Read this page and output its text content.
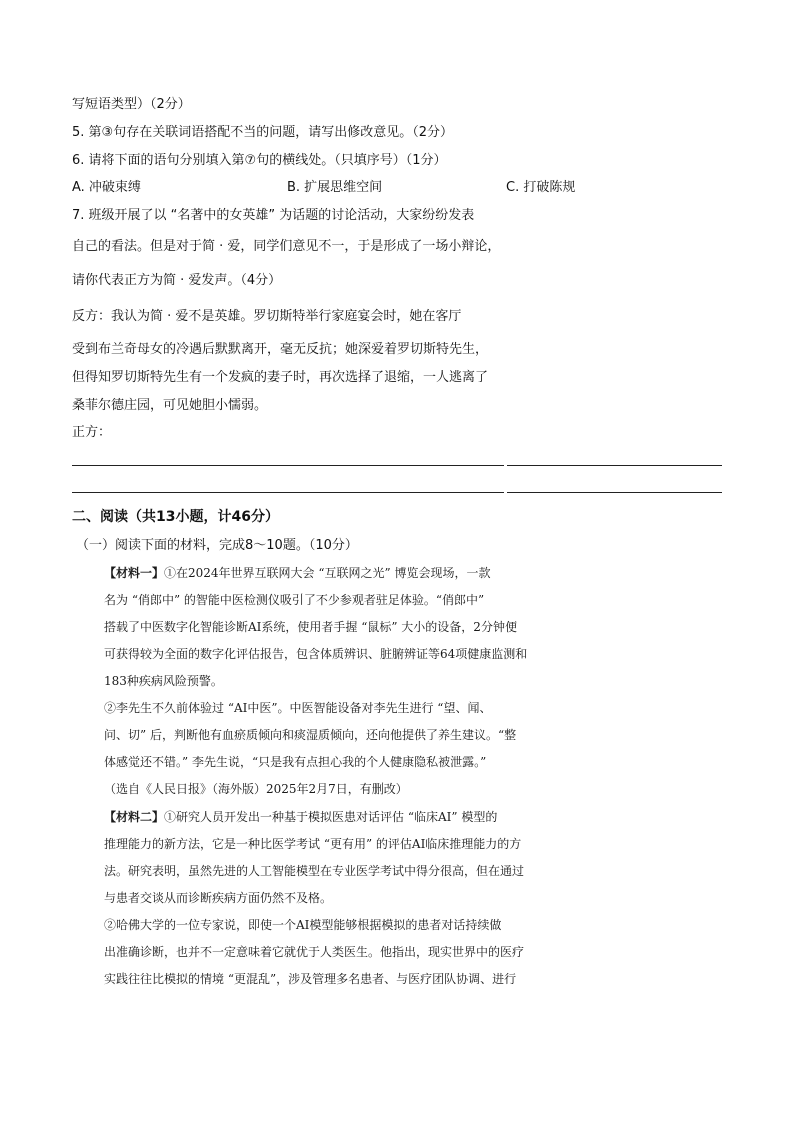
写短语类型）（2分）
5. 第③句存在关联词语搭配不当的问题，请写出修改意见。（2分）
6. 请将下面的语句分别填入第⑦句的横线处。（只填序号）（1分）
A. 冲破束缚	B. 扩展思维空间	C. 打破陈规
7. 班级开展了以 “名著中的女英雄” 为话题的讨论活动，大家纷纷发表
自己的看法。但是对于简 · 爱，同学们意见不一，于是形成了一场小辩论，
请你代表正方为简 · 爱发声。（4分）
反方：我认为简 · 爱不是英雄。罗切斯特举行家庭宴会时，她在客厅
受到布兰奇母女的冷遇后默默离开，毫无反抗；她深爱着罗切斯特先生，
但得知罗切斯特先生有一个发疯的妻子时，再次选择了退缩，一人逃离了
桑菲尔德庄园，可见她胆小懦弱。
正方：
二、阅读（共13小题，计46分）
（一）阅读下面的材料，完成8～10题。（10分）
【材料一】①在2024年世界互联网大会 “互联网之光” 博览会现场，一款
名为 “俏郎中” 的智能中医检测仪吸引了不少参观者驻足体验。“俏郎中”
搭载了中医数字化智能诊断AI系统，使用者手握 “鼠标” 大小的设备，2分钟便
可获得较为全面的数字化评估报告，包含体质辨识、脏腑辨证等64项健康监测和
183种疾病风险预警。
②李先生不久前体验过 “AI中医”。中医智能设备对李先生进行 “望、闻、
问、切” 后，判断他有血瘀质倾向和痰湿质倾向，还向他提供了养生建议。“整
体感觉还不错。” 李先生说，“只是我有点担心我的个人健康隐私被泄露。”
（选自《人民日报》（海外版）2025年2月7日，有删改）
【材料二】①研究人员开发出一种基于模拟医患对话评估 “临床AI” 模型的
推理能力的新方法，它是一种比医学考试 “更有用” 的评估AI临床推理能力的方
法。研究表明，虽然先进的人工智能模型在专业医学考试中得分很高，但在通过
与患者交谈从而诊断疾病方面仍然不及格。
②哈佛大学的一位专家说，即使一个AI模型能够根据模拟的患者对话持续做
出准确诊断，也并不一定意味着它就优于人类医生。他指出，现实世界中的医疗
实践往往比模拟的情境 “更混乱”，涉及管理多名患者、与医疗团队协调、进行
